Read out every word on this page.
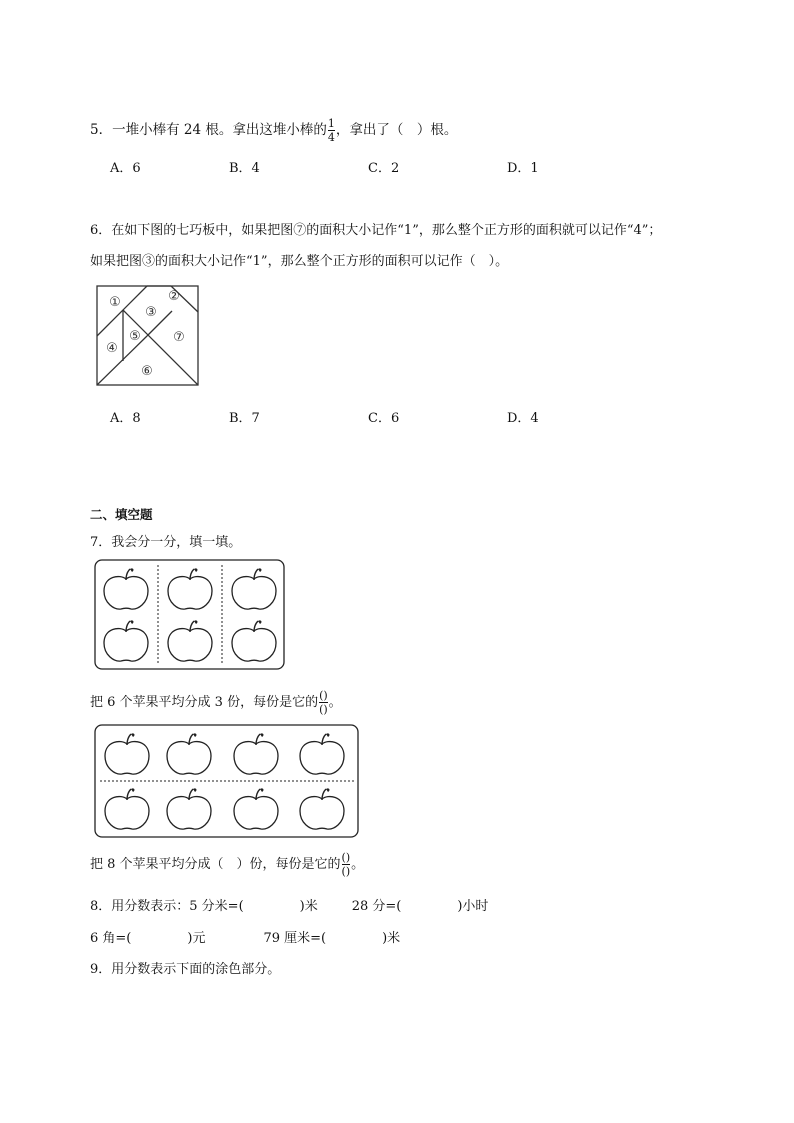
5．一堆小棒有 24 根。拿出这堆小棒的 $\frac{1}{4}$ ，拿出了（　）根。
A．6	B．4	C．2	D．1
6．在如下图的七巧板中，如果把图⑦的面积大小记作“1”，那么整个正方形的面积就可以记作“4”；
如果把图③的面积大小记作“1”，那么整个正方形的面积可以记作（　）。
①	②
③
④
⑤
⑥
⑦
A．8	B．7	C．6	D．4
二、填空题
7．我会分一分，填一填。
把 6 个苹果平均分成 3 份，每份是它的 $\frac{()}{()}$ 。
把 8 个苹果平均分成（　）份，每份是它的 $\frac{()}{()}$ 。
8．用分数表示：5 分米=(	)米	28 分=(	)小时
6 角=(	)元	79 厘米=(	)米
9．用分数表示下面的涂色部分。
